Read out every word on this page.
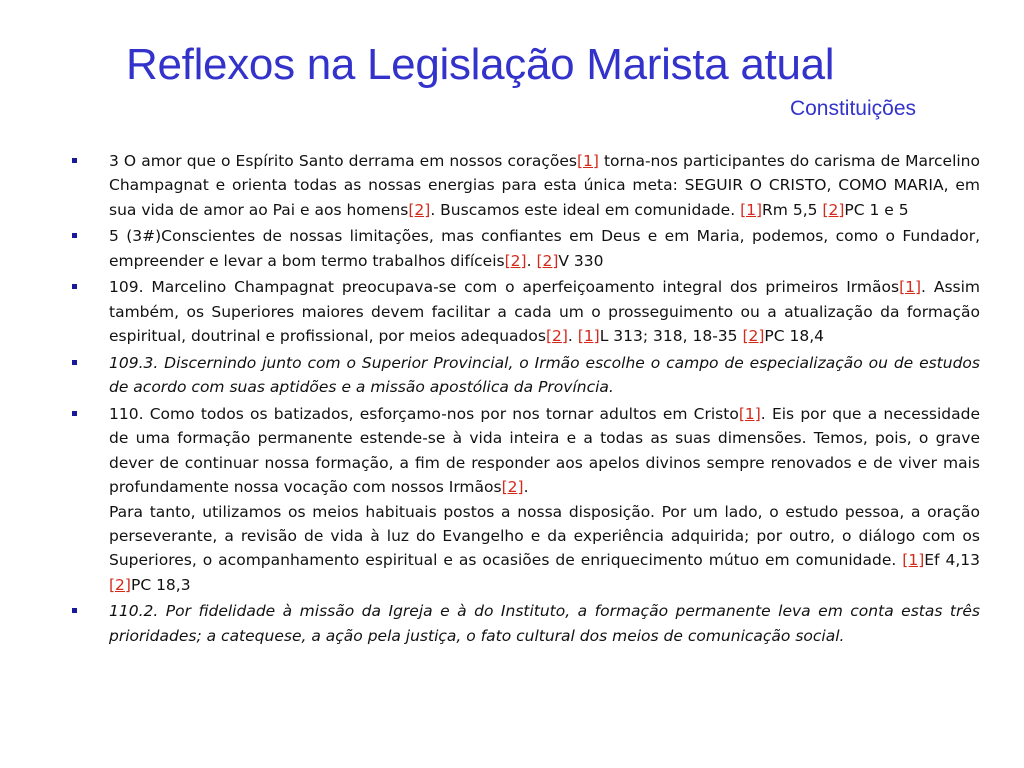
Reflexos na Legislação Marista atual
Constituições
3 O amor que o Espírito Santo derrama em nossos corações[1] torna-nos participantes do carisma de Marcelino Champagnat e orienta todas as nossas energias para esta única meta: SEGUIR O CRISTO, COMO MARIA, em sua vida de amor ao Pai e aos homens[2]. Buscamos este ideal em comunidade. [1]Rm 5,5 [2]PC 1 e 5
5 (3#)Conscientes de nossas limitações, mas confiantes em Deus e em Maria, podemos, como o Fundador, empreender e levar a bom termo trabalhos difíceis[2]. [2]V 330
109. Marcelino Champagnat preocupava-se com o aperfeiçoamento integral dos primeiros Irmãos[1]. Assim também, os Superiores maiores devem facilitar a cada um o prosseguimento ou a atualização da formação espiritual, doutrinal e profissional, por meios adequados[2]. [1]L 313; 318, 18-35 [2]PC 18,4
109.3. Discernindo junto com o Superior Provincial, o Irmão escolhe o campo de especialização ou de estudos de acordo com suas aptidões e a missão apostólica da Província.
110. Como todos os batizados, esforçamo-nos por nos tornar adultos em Cristo[1]. Eis por que a necessidade de uma formação permanente estende-se à vida inteira e a todas as suas dimensões. Temos, pois, o grave dever de continuar nossa formação, a fim de responder aos apelos divinos sempre renovados e de viver mais profundamente nossa vocação com nossos Irmãos[2].
Para tanto, utilizamos os meios habituais postos a nossa disposição. Por um lado, o estudo pessoa, a oração perseverante, a revisão de vida à luz do Evangelho e da experiência adquirida; por outro, o diálogo com os Superiores, o acompanhamento espiritual e as ocasiões de enriquecimento mútuo em comunidade. [1]Ef 4,13 [2]PC 18,3
110.2. Por fidelidade à missão da Igreja e à do Instituto, a formação permanente leva em conta estas três prioridades; a catequese, a ação pela justiça, o fato cultural dos meios de comunicação social.
